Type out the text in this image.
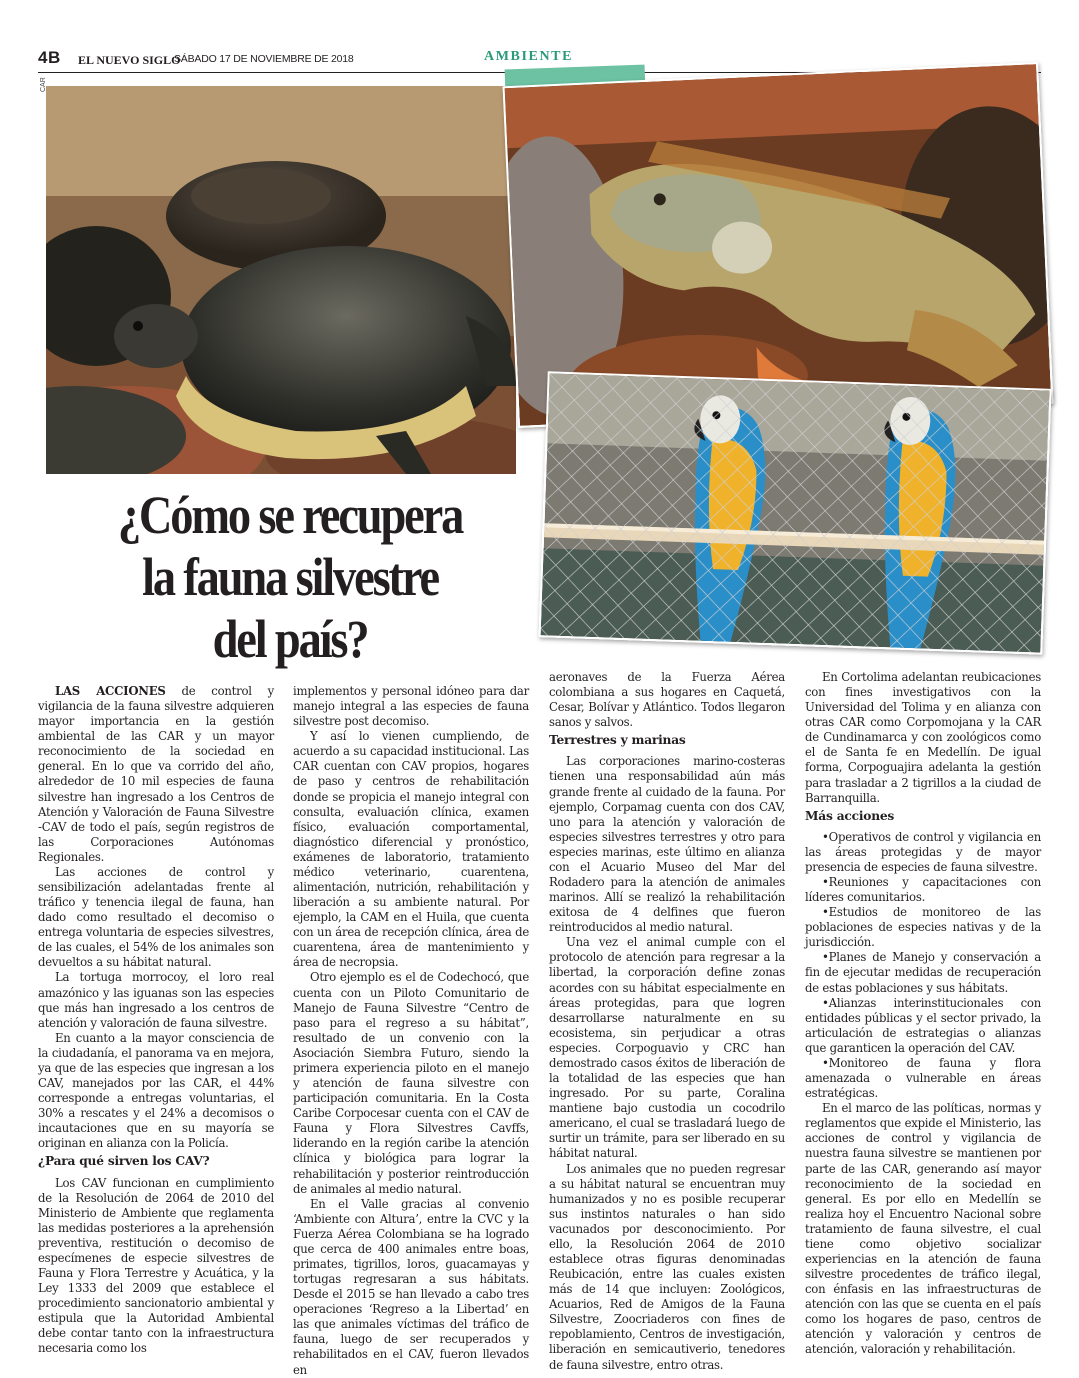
4B EL NUEVO SIGLO
SÁBADO 17 DE NOVIEMBRE DE 2018	AMBIENTE
CAR
¿Cómo se recupera
la fauna silvestre
del país?

LAS ACCIONES de control y vigilancia de la fauna silvestre adquieren mayor importancia en la gestión ambiental de las CAR y un mayor reconocimiento de la sociedad en general. En lo que va corrido del año, alrededor de 10 mil especies de fauna silvestre han ingresado a los Centros de Atención y Valoración de Fauna Silvestre -CAV de todo el país, según registros de las Corporaciones Autónomas Regionales.

Las acciones de control y sensibilización adelantadas frente al tráfico y tenencia ilegal de fauna, han dado como resultado el decomiso o entrega voluntaria de especies silvestres, de las cuales, el 54% de los animales son devueltos a su hábitat natural.

La tortuga morrocoy, el loro real amazónico y las iguanas son las especies que más han ingresado a los centros de atención y valoración de fauna silvestre.

En cuanto a la mayor consciencia de la ciudadanía, el panorama va en mejora, ya que de las especies que ingresan a los CAV, manejados por las CAR, el 44% corresponde a entregas voluntarias, el 30% a rescates y el 24% a decomisos o incautaciones que en su mayoría se originan en alianza con la Policía.

¿Para qué sirven los CAV?

Los CAV funcionan en cumplimiento de la Resolución de 2064 de 2010 del Ministerio de Ambiente que reglamenta las medidas posteriores a la aprehensión preventiva, restitución o decomiso de especímenes de especie silvestres de Fauna y Flora Terrestre y Acuática, y la Ley 1333 del 2009 que establece el procedimiento sancionatorio ambiental y estipula que la Autoridad Ambiental debe contar tanto con la infraestructura necesaria como los

implementos y personal idóneo para dar manejo integral a las especies de fauna silvestre post decomiso.

Y así lo vienen cumpliendo, de acuerdo a su capacidad institucional. Las CAR cuentan con CAV propios, hogares de paso y centros de rehabilitación donde se propicia el manejo integral con consulta, evaluación clínica, examen físico, evaluación comportamental, diagnóstico diferencial y pronóstico, exámenes de laboratorio, tratamiento médico veterinario, cuarentena, alimentación, nutrición, rehabilitación y liberación a su ambiente natural. Por ejemplo, la CAM en el Huila, que cuenta con un área de recepción clínica, área de cuarentena, área de mantenimiento y área de necropsia.

Otro ejemplo es el de Codechocó, que cuenta con un Piloto Comunitario de Manejo de Fauna Silvestre “Centro de paso para el regreso a su hábitat”, resultado de un convenio con la Asociación Siembra Futuro, siendo la primera experiencia piloto en el manejo y atención de fauna silvestre con participación comunitaria. En la Costa Caribe Corpocesar cuenta con el CAV de Fauna y Flora Silvestres Cavffs, liderando en la región caribe la atención clínica y biológica para lograr la rehabilitación y posterior reintroducción de animales al medio natural.

En el Valle gracias al convenio ‘Ambiente con Altura’, entre la CVC y la Fuerza Aérea Colombiana se ha logrado que cerca de 400 animales entre boas, primates, tigrillos, loros, guacamayas y tortugas regresaran a sus hábitats. Desde el 2015 se han llevado a cabo tres operaciones ‘Regreso a la Libertad’ en las que animales víctimas del tráfico de fauna, luego de ser recuperados y rehabilitados en el CAV, fueron llevados en

aeronaves de la Fuerza Aérea colombiana a sus hogares en Caquetá, Cesar, Bolívar y Atlántico. Todos llegaron sanos y salvos.

Terrestres y marinas

Las corporaciones marino-costeras tienen una responsabilidad aún más grande frente al cuidado de la fauna. Por ejemplo, Corpamag cuenta con dos CAV, uno para la atención y valoración de especies silvestres terrestres y otro para especies marinas, este último en alianza con el Acuario Museo del Mar del Rodadero para la atención de animales marinos. Allí se realizó la rehabilitación exitosa de 4 delfines que fueron reintroducidos al medio natural.

Una vez el animal cumple con el protocolo de atención para regresar a la libertad, la corporación define zonas acordes con su hábitat especialmente en áreas protegidas, para que logren desarrollarse naturalmente en su ecosistema, sin perjudicar a otras especies. Corpoguavio y CRC han demostrado casos éxitos de liberación de la totalidad de las especies que han ingresado. Por su parte, Coralina mantiene bajo custodia un cocodrilo americano, el cual se trasladará luego de surtir un trámite, para ser liberado en su hábitat natural.

Los animales que no pueden regresar a su hábitat natural se encuentran muy humanizados y no es posible recuperar sus instintos naturales o han sido vacunados por desconocimiento. Por ello, la Resolución 2064 de 2010 establece otras figuras denominadas Reubicación, entre las cuales existen más de 14 que incluyen: Zoológicos, Acuarios, Red de Amigos de la Fauna Silvestre, Zoocriaderos con fines de repoblamiento, Centros de investigación, liberación en semicautiverio, tenedores de fauna silvestre, entro otras.

En Cortolima adelantan reubicaciones con fines investigativos con la Universidad del Tolima y en alianza con otras CAR como Corpomojana y la CAR de Cundinamarca y con zoológicos como el de Santa fe en Medellín. De igual forma, Corpoguajira adelanta la gestión para trasladar a 2 tigrillos a la ciudad de Barranquilla.

Más acciones

•Operativos de control y vigilancia en las áreas protegidas y de mayor presencia de especies de fauna silvestre.

•Reuniones y capacitaciones con líderes comunitarios.

•Estudios de monitoreo de las poblaciones de especies nativas y de la jurisdicción.

•Planes de Manejo y conservación a fin de ejecutar medidas de recuperación de estas poblaciones y sus hábitats.

•Alianzas interinstitucionales con entidades públicas y el sector privado, la articulación de estrategias o alianzas que garanticen la operación del CAV.

•Monitoreo de fauna y flora amenazada o vulnerable en áreas estratégicas.

En el marco de las políticas, normas y reglamentos que expide el Ministerio, las acciones de control y vigilancia de nuestra fauna silvestre se mantienen por parte de las CAR, generando así mayor reconocimiento de la sociedad en general. Es por ello en Medellín se realiza hoy el Encuentro Nacional sobre tratamiento de fauna silvestre, el cual tiene como objetivo socializar experiencias en la atención de fauna silvestre procedentes de tráfico ilegal, con énfasis en las infraestructuras de atención con las que se cuenta en el país como los hogares de paso, centros de atención y valoración y centros de atención, valoración y rehabilitación.
